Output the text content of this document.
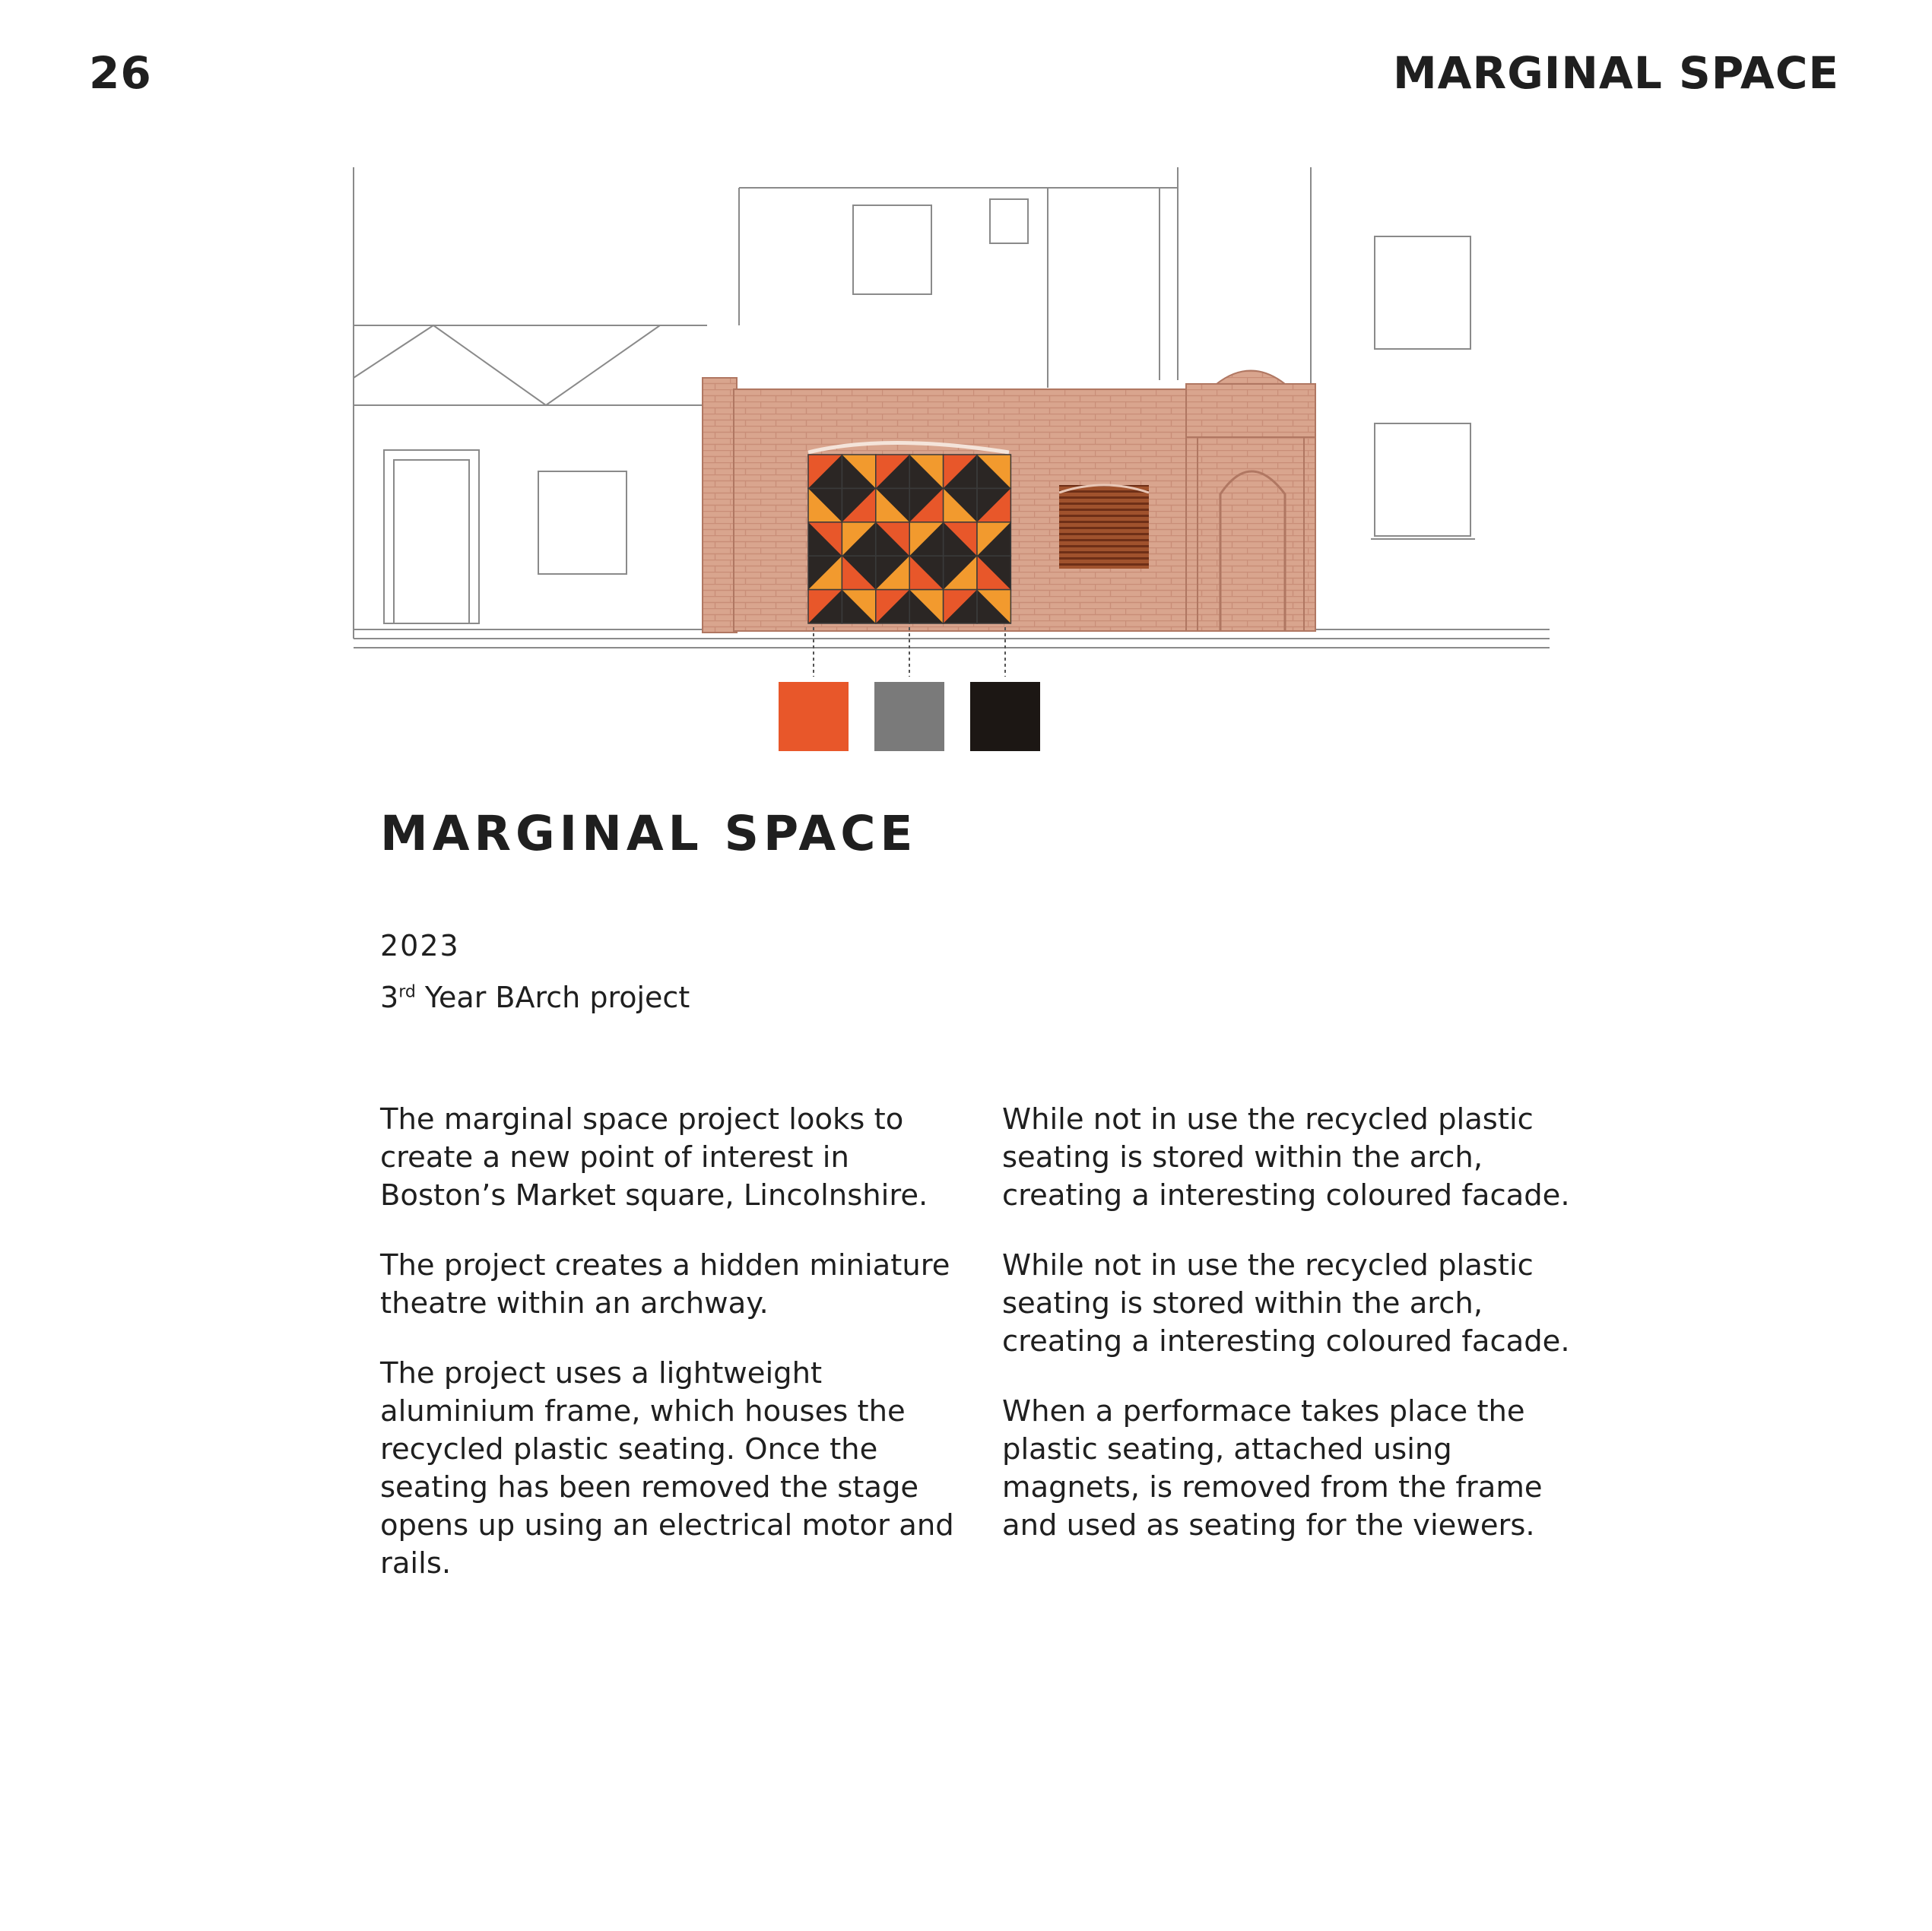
26	MARGINAL SPACE
MARGINAL SPACE
2023
3rd Year BArch project

The marginal space project looks to
create a new point of interest in
Boston’s Market square, Lincolnshire.

The project creates a hidden miniature
theatre within an archway.

The project uses a lightweight
aluminium frame, which houses the
recycled plastic seating. Once the
seating has been removed the stage
opens up using an electrical motor and
rails.

While not in use the recycled plastic
seating is stored within the arch,
creating a interesting coloured facade.

While not in use the recycled plastic
seating is stored within the arch,
creating a interesting coloured facade.

When a performace takes place the
plastic seating, attached using
magnets, is removed from the frame
and used as seating for the viewers.
